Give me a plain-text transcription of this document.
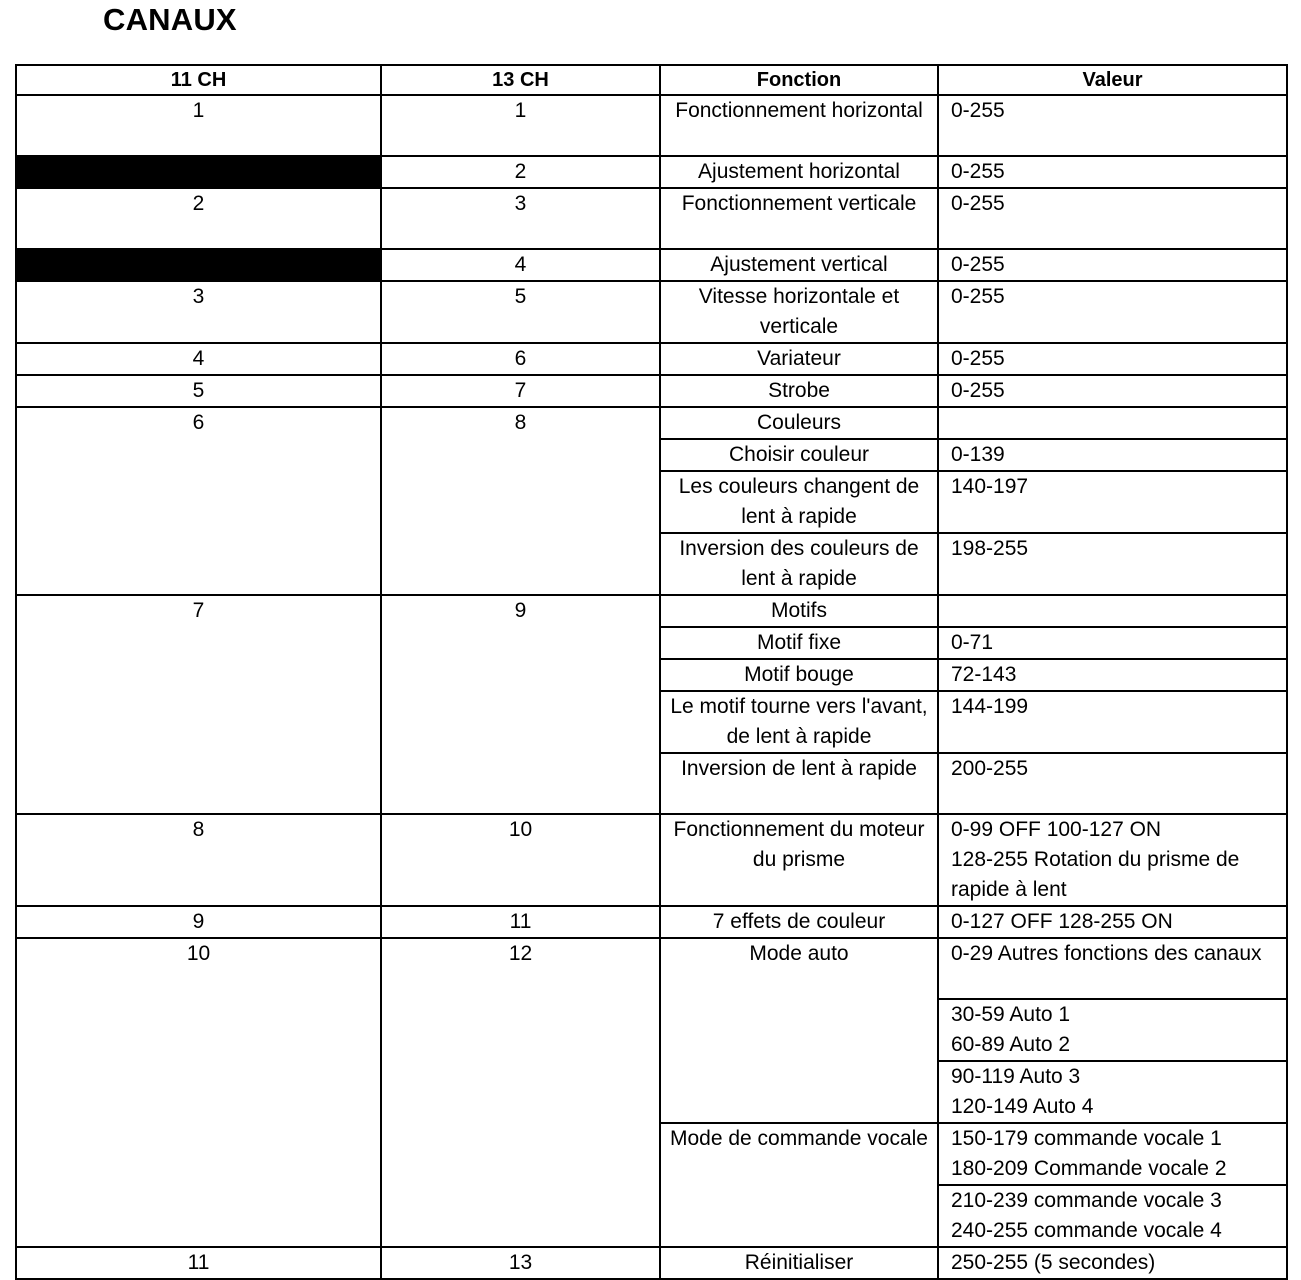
CANAUX
11 CH	13 CH	Fonction	Valeur
1	1	Fonctionnement horizontal	0-255
	2	Ajustement horizontal	0-255
2	3	Fonctionnement verticale	0-255
	4	Ajustement vertical	0-255
3	5	Vitesse horizontale et verticale	0-255
4	6	Variateur	0-255
5	7	Strobe	0-255
6	8	Couleurs	
		Choisir couleur	0-139
		Les couleurs changent de lent à rapide	140-197
		Inversion des couleurs de lent à rapide	198-255
7	9	Motifs	
		Motif fixe	0-71
		Motif bouge	72-143
		Le motif tourne vers l'avant, de lent à rapide	144-199
		Inversion de lent à rapide	200-255
8	10	Fonctionnement du moteur du prisme	0-99 OFF 100-127 ON
128-255 Rotation du prisme de rapide à lent

9	11	7 effets de couleur	0-127 OFF 128-255 ON
10	12	Mode auto	0-29 Autres fonctions des canaux

			30-59 Auto 1
60-89 Auto 2

			90-119 Auto 3
120-149 Auto 4

		Mode de commande vocale	150-179 commande vocale 1
180-209 Commande vocale 2

			210-239 commande vocale 3
240-255 commande vocale 4

11	13	Réinitialiser	250-255 (5 secondes)
